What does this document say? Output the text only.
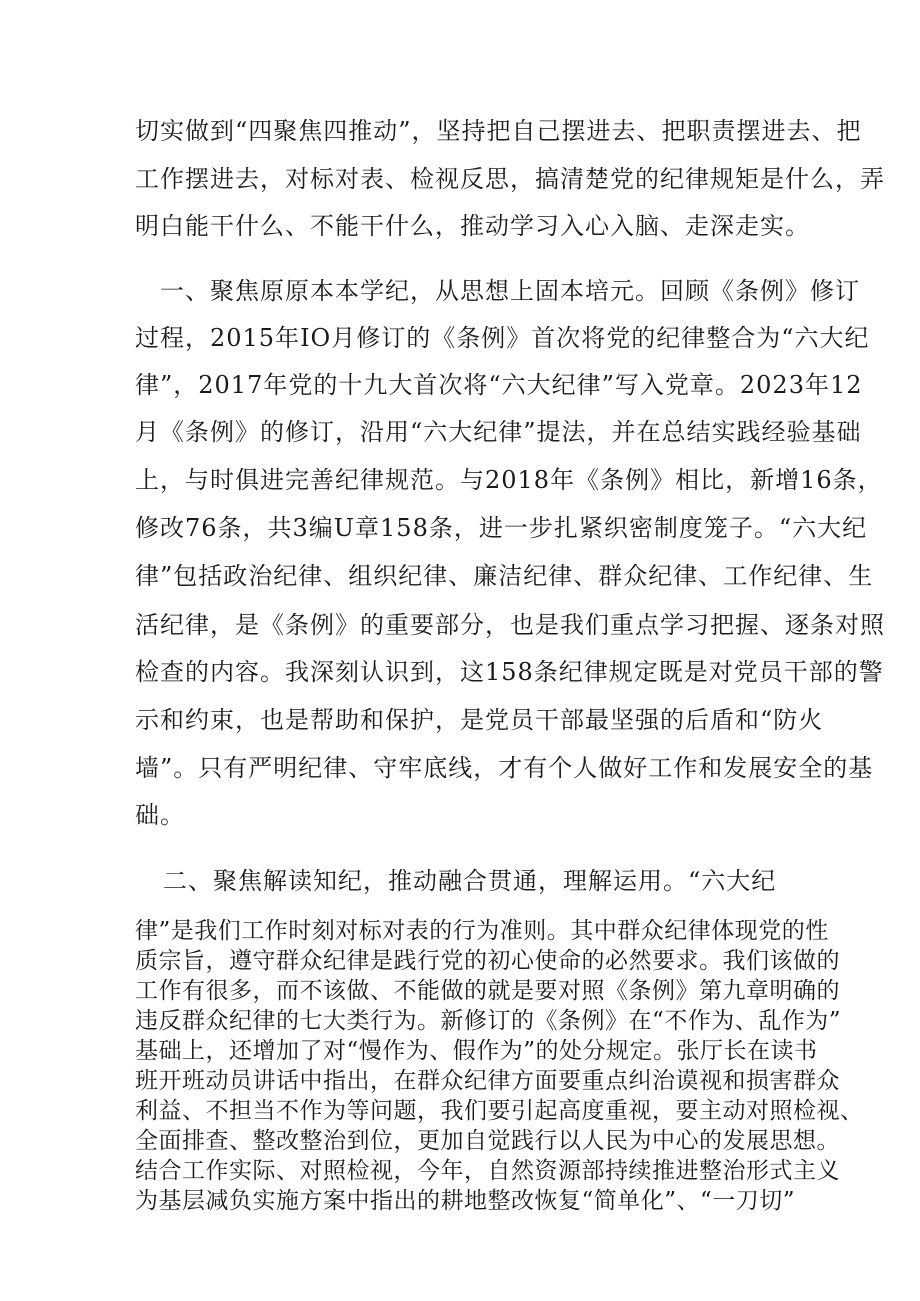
切实做到“四聚焦四推动”，坚持把自己摆进去、把职责摆进去、把
工作摆进去，对标对表、检视反思，搞清楚党的纪律规矩是什么，弄
明白能干什么、不能干什么，推动学习入心入脑、走深走实。
一、聚焦原原本本学纪，从思想上固本培元。回顾《条例》修订
过程，2015年IO月修订的《条例》首次将党的纪律整合为“六大纪
律”，2017年党的十九大首次将“六大纪律”写入党章。2023年12
月《条例》的修订，沿用“六大纪律”提法，并在总结实践经验基础
上，与时俱进完善纪律规范。与2018年《条例》相比，新增16条，
修改76条，共3编U章158条，进一步扎紧织密制度笼子。“六大纪
律”包括政治纪律、组织纪律、廉洁纪律、群众纪律、工作纪律、生
活纪律，是《条例》的重要部分，也是我们重点学习把握、逐条对照
检查的内容。我深刻认识到，这158条纪律规定既是对党员干部的警
示和约束，也是帮助和保护，是党员干部最坚强的后盾和“防火
墙”。只有严明纪律、守牢底线，才有个人做好工作和发展安全的基
础。
二、聚焦解读知纪，推动融合贯通，理解运用。“六大纪
律”是我们工作时刻对标对表的行为准则。其中群众纪律体现党的性
质宗旨，遵守群众纪律是践行党的初心使命的必然要求。我们该做的
工作有很多，而不该做、不能做的就是要对照《条例》第九章明确的
违反群众纪律的七大类行为。新修订的《条例》在“不作为、乱作为”
基础上，还增加了对“慢作为、假作为”的处分规定。张厅长在读书
班开班动员讲话中指出，在群众纪律方面要重点纠治谟视和损害群众
利益、不担当不作为等问题，我们要引起高度重视，要主动对照检视、
全面排查、整改整治到位，更加自觉践行以人民为中心的发展思想。
结合工作实际、对照检视，今年，自然资源部持续推进整治形式主义
为基层减负实施方案中指出的耕地整改恢复“简单化”、“一刀切”
